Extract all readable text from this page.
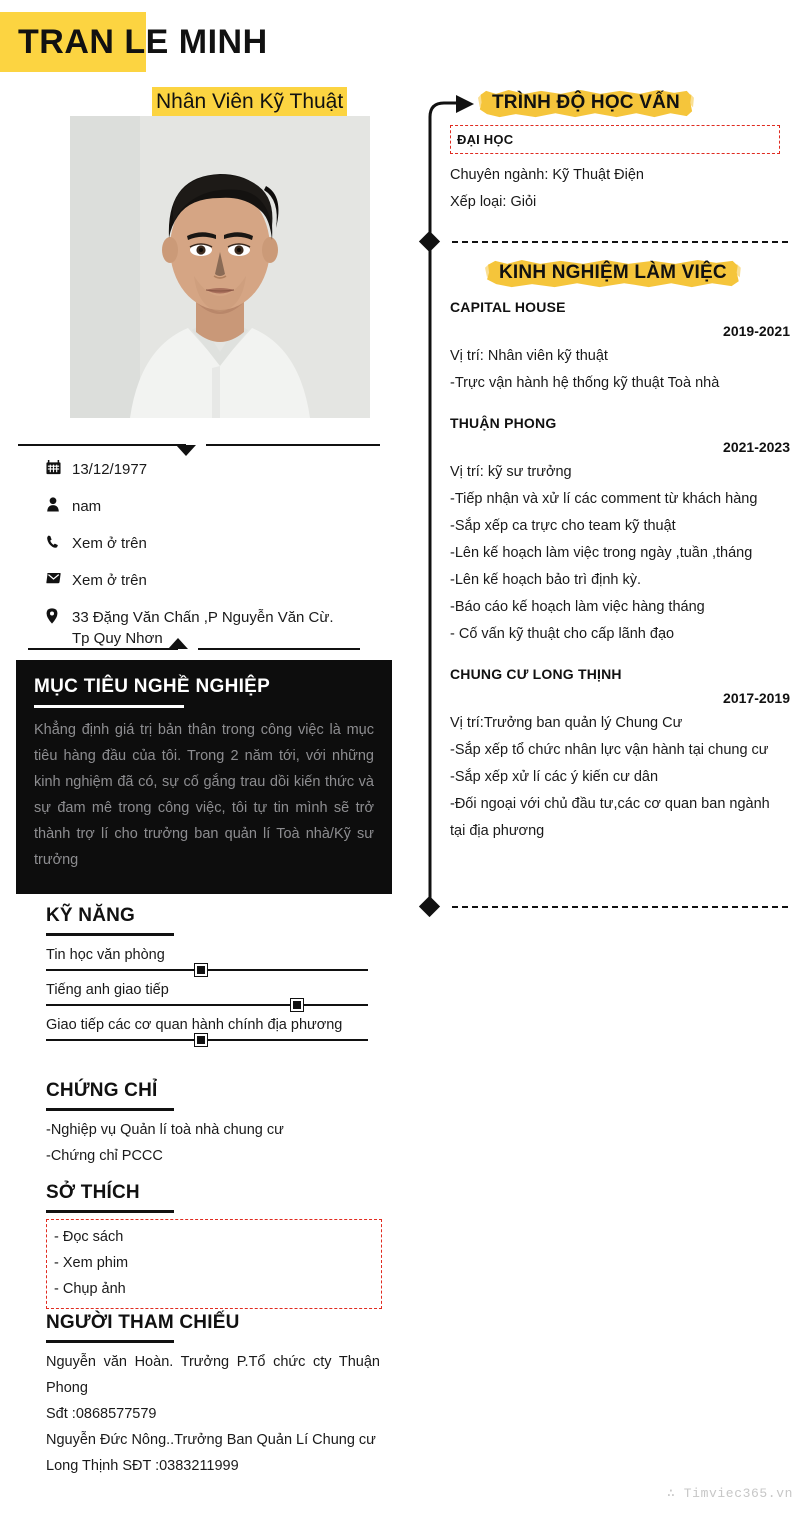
TRAN LE MINH
Nhân Viên Kỹ Thuật
13/12/1977
nam
Xem ở trên
Xem ở trên
33 Đặng Văn Chấn ,P Nguyễn Văn Cừ.
Tp Quy Nhơn
MỤC TIÊU NGHỀ NGHIỆP
Khẳng định giá trị bản thân trong công việc là mục tiêu hàng đầu của tôi. Trong 2 năm tới, với những kinh nghiệm đã có, sự cố gắng trau dồi kiến thức và sự đam mê trong công việc, tôi tự tin mình sẽ trở thành trợ lí cho trưởng ban quản lí Toà nhà/Kỹ sư trưởng
KỸ NĂNG
Tin học văn phòng
Tiếng anh giao tiếp
Giao tiếp các cơ quan hành chính địa phương
CHỨNG CHỈ
-Nghiệp vụ Quản lí toà nhà chung cư
-Chứng chỉ PCCC
SỞ THÍCH
- Đọc sách
- Xem phim
- Chụp ảnh
NGƯỜI THAM CHIẾU
Nguyễn văn Hoàn. Trưởng P.Tổ chức cty Thuận Phong
Sđt :0868577579
Nguyễn Đức Nông..Trưởng Ban Quản Lí Chung cư
Long Thịnh SĐT :0383211999
TRÌNH ĐỘ HỌC VẤN
ĐẠI HỌC
Chuyên ngành: Kỹ Thuật Điện
Xếp loại: Giỏi
KINH NGHIỆM LÀM VIỆC
CAPITAL HOUSE
2019-2021
Vị trí: Nhân viên kỹ thuật
-Trực vận hành hệ thống kỹ thuật Toà nhà
THUẬN PHONG
2021-2023
Vị trí: kỹ sư trưởng
-Tiếp nhận và xử lí các comment từ khách hàng
-Sắp xếp ca trực cho team kỹ thuật
-Lên kế hoạch làm việc trong ngày ,tuần ,tháng
-Lên kế hoạch bảo trì định kỳ.
-Báo cáo kế hoạch làm việc hàng tháng
- Cố vấn kỹ thuật cho cấp lãnh đạo
CHUNG CƯ LONG THỊNH
2017-2019
Vị trí:Trưởng ban quản lý Chung Cư
-Sắp xếp tổ chức nhân lực vận hành tại chung cư
-Sắp xếp xử lí các ý kiến cư dân
-Đối ngoại với chủ đầu tư,các cơ quan ban ngành
tại địa phương
∴ Timviec365.vn
